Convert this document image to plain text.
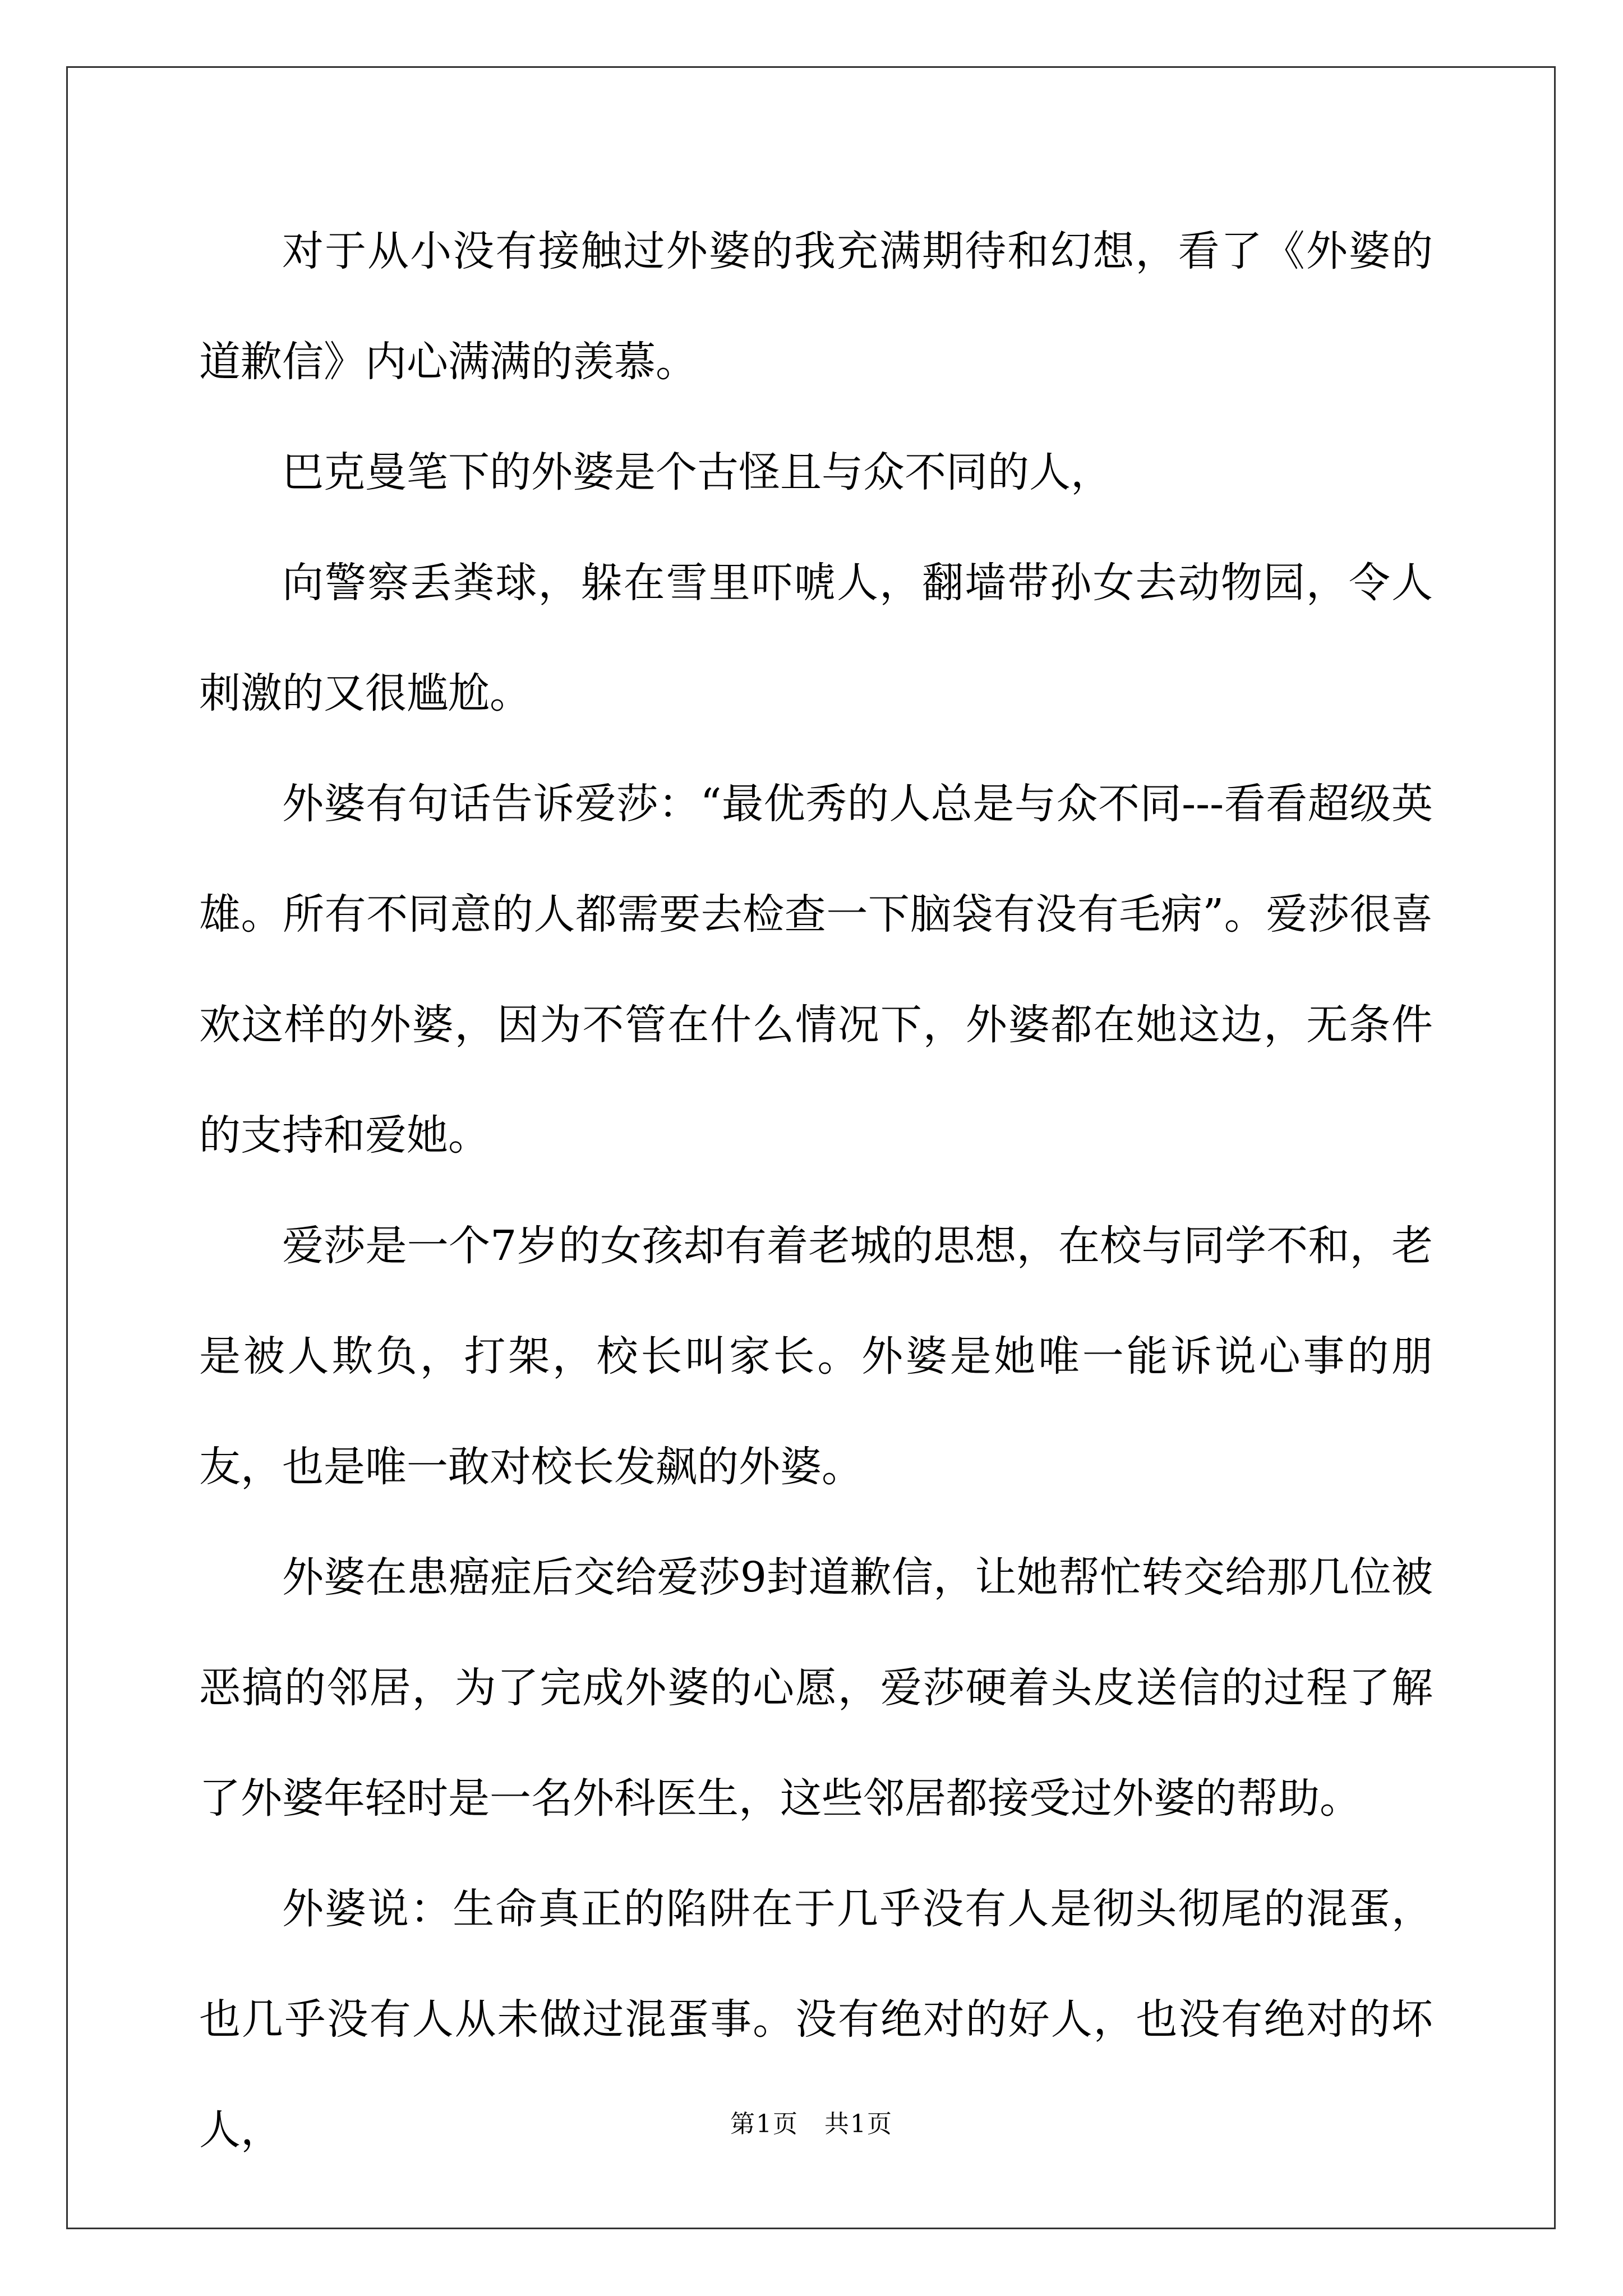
对于从小没有接触过外婆的我充满期待和幻想，看了《外婆的道歉信》内心满满的羡慕。

巴克曼笔下的外婆是个古怪且与众不同的人，

向警察丢粪球，躲在雪里吓唬人，翻墙带孙女去动物园，令人刺激的又很尴尬。

外婆有句话告诉爱莎：“最优秀的人总是与众不同---看看超级英雄。所有不同意的人都需要去检查一下脑袋有没有毛病”。爱莎很喜欢这样的外婆，因为不管在什么情况下，外婆都在她这边，无条件的支持和爱她。

爱莎是一个7岁的女孩却有着老城的思想，在校与同学不和，老是被人欺负，打架，校长叫家长。外婆是她唯一能诉说心事的朋友，也是唯一敢对校长发飙的外婆。

外婆在患癌症后交给爱莎9封道歉信，让她帮忙转交给那几位被恶搞的邻居，为了完成外婆的心愿，爱莎硬着头皮送信的过程了解了外婆年轻时是一名外科医生，这些邻居都接受过外婆的帮助。

外婆说：生命真正的陷阱在于几乎没有人是彻头彻尾的混蛋，也几乎没有人从未做过混蛋事。没有绝对的好人，也没有绝对的坏人，	第1页　共1页
